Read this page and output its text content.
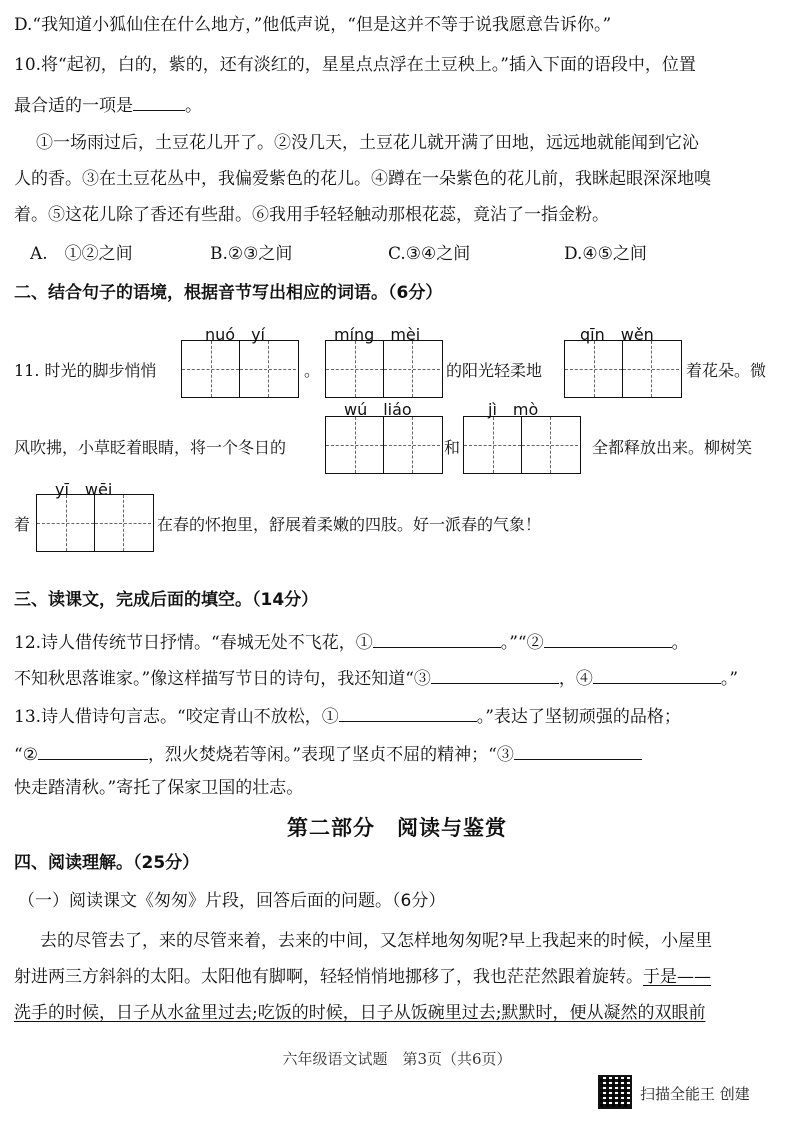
D.“我知道小狐仙住在什么地方，”他低声说，“但是这并不等于说我愿意告诉你。”
10.将“起初，白的，紫的，还有淡红的，星星点点浮在土豆秧上。”插入下面的语段中，位置
最合适的一项是	。
①一场雨过后，土豆花儿开了。②没几天，土豆花儿就开满了田地，远远地就能闻到它沁
人的香。③在土豆花丛中，我偏爱紫色的花儿。④蹲在一朵紫色的花儿前，我眯起眼深深地嗅
着。⑤这花儿除了香还有些甜。⑥我用手轻轻触动那根花蕊，竟沾了一指金粉。
A.　①②之间	B.②③之间	C.③④之间	D.④⑤之间
二、结合句子的语境，根据音节写出相应的词语。（6分）
nuó　yí	míng　mèi	qīn　wěn
11. 时光的脚步悄悄	。	的阳光轻柔地	着花朵。微
wú　liáo	jì　mò
风吹拂，小草眨着眼睛，将一个冬日的	和	全都释放出来。柳树笑
yī　wēi
着	在春的怀抱里，舒展着柔嫩的四肢。好一派春的气象！
三、读课文，完成后面的填空。（14分）
12.诗人借传统节日抒情。“春城无处不飞花，①	。”“②	。
不知秋思落谁家。”像这样描写节日的诗句，我还知道“③	，④	。”
13.诗人借诗句言志。“咬定青山不放松，①	。”表达了坚韧顽强的品格；
“②	，烈火焚烧若等闲。”表现了坚贞不屈的精神；“③
快走踏清秋。”寄托了保家卫国的壮志。
第二部分　阅读与鉴赏
四、阅读理解。（25分）
（一）阅读课文《匆匆》片段，回答后面的问题。（6分）
去的尽管去了，来的尽管来着，去来的中间，又怎样地匆匆呢?早上我起来的时候，小屋里
射进两三方斜斜的太阳。太阳他有脚啊，轻轻悄悄地挪移了，我也茫茫然跟着旋转。于是——
洗手的时候，日子从水盆里过去;吃饭的时候，日子从饭碗里过去;默默时，便从凝然的双眼前
六年级语文试题　第3页（共6页）
扫描全能王 创建
